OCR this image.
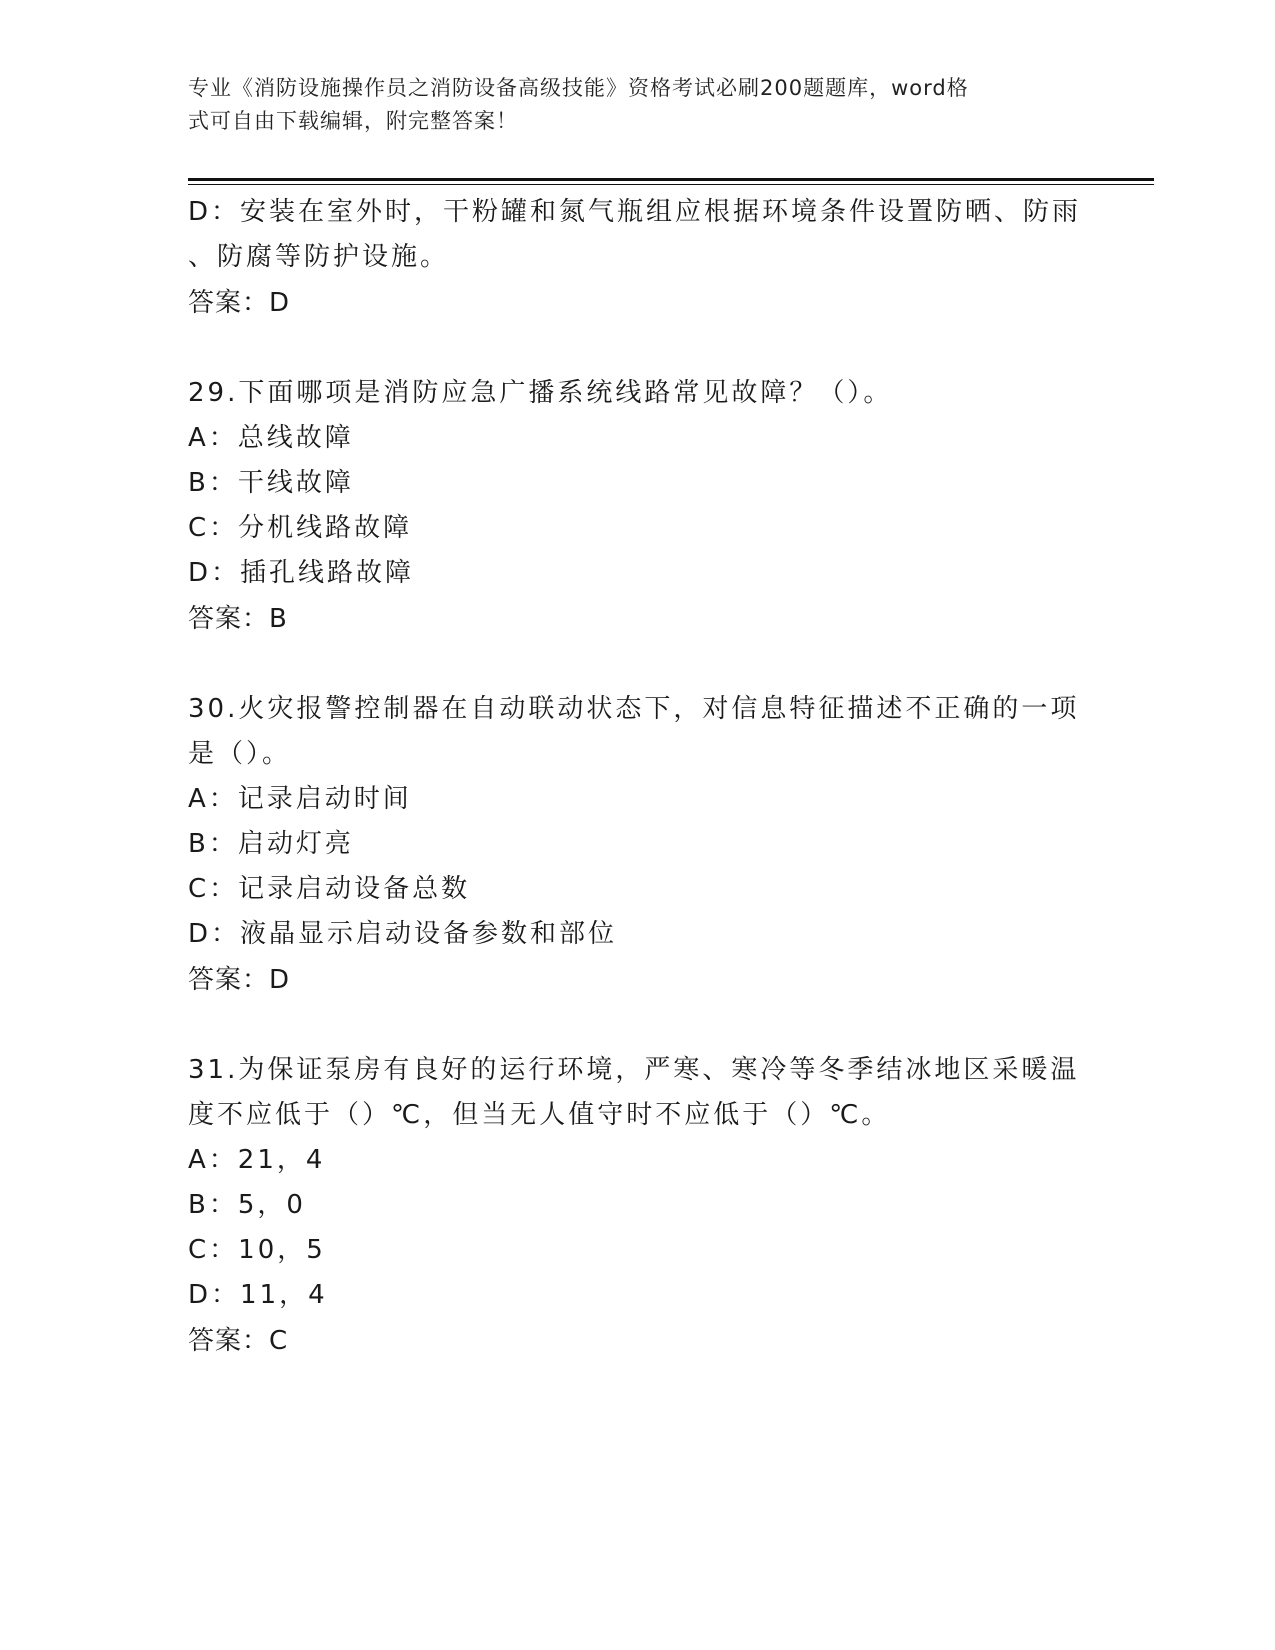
专业《消防设施操作员之消防设备高级技能》资格考试必刷200题题库，word格
式可自由下载编辑，附完整答案！
D：安装在室外时，干粉罐和氮气瓶组应根据环境条件设置防晒、防雨
、防腐等防护设施。
答案：D
29.下面哪项是消防应急广播系统线路常见故障？（）。
A：总线故障
B：干线故障
C：分机线路故障
D：插孔线路故障
答案：B
30.火灾报警控制器在自动联动状态下，对信息特征描述不正确的一项
是（）。
A：记录启动时间
B：启动灯亮
C：记录启动设备总数
D：液晶显示启动设备参数和部位
答案：D
31.为保证泵房有良好的运行环境，严寒、寒冷等冬季结冰地区采暖温
度不应低于（）℃，但当无人值守时不应低于（）℃。
A：21，4
B：5，0
C：10，5
D：11，4
答案：C
